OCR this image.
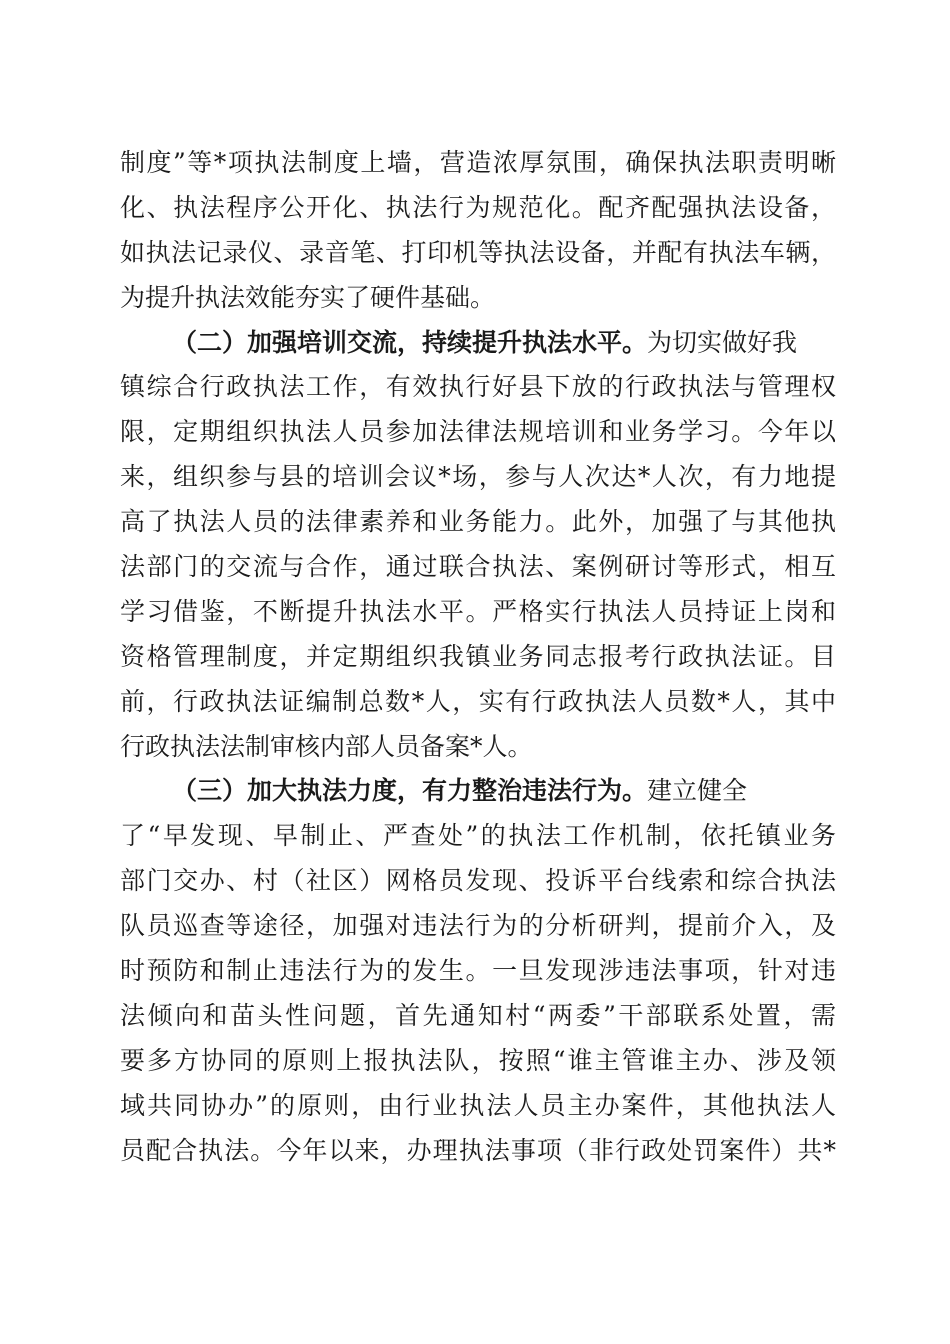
制度”等*项执法制度上墙，营造浓厚氛围，确保执法职责明晰
化、执法程序公开化、执法行为规范化。配齐配强执法设备，
如执法记录仪、录音笔、打印机等执法设备，并配有执法车辆，
为提升执法效能夯实了硬件基础。
（二）加强培训交流，持续提升执法水平。为切实做好我
镇综合行政执法工作，有效执行好县下放的行政执法与管理权
限，定期组织执法人员参加法律法规培训和业务学习。今年以
来，组织参与县的培训会议*场，参与人次达*人次，有力地提
高了执法人员的法律素养和业务能力。此外，加强了与其他执
法部门的交流与合作，通过联合执法、案例研讨等形式，相互
学习借鉴，不断提升执法水平。严格实行执法人员持证上岗和
资格管理制度，并定期组织我镇业务同志报考行政执法证。目
前，行政执法证编制总数*人，实有行政执法人员数*人，其中
行政执法法制审核内部人员备案*人。
（三）加大执法力度，有力整治违法行为。建立健全
了“早发现、早制止、严查处”的执法工作机制，依托镇业务
部门交办、村（社区）网格员发现、投诉平台线索和综合执法
队员巡查等途径，加强对违法行为的分析研判，提前介入，及
时预防和制止违法行为的发生。一旦发现涉违法事项，针对违
法倾向和苗头性问题，首先通知村“两委”干部联系处置，需
要多方协同的原则上报执法队，按照“谁主管谁主办、涉及领
域共同协办”的原则，由行业执法人员主办案件，其他执法人
员配合执法。今年以来，办理执法事项（非行政处罚案件）共*
